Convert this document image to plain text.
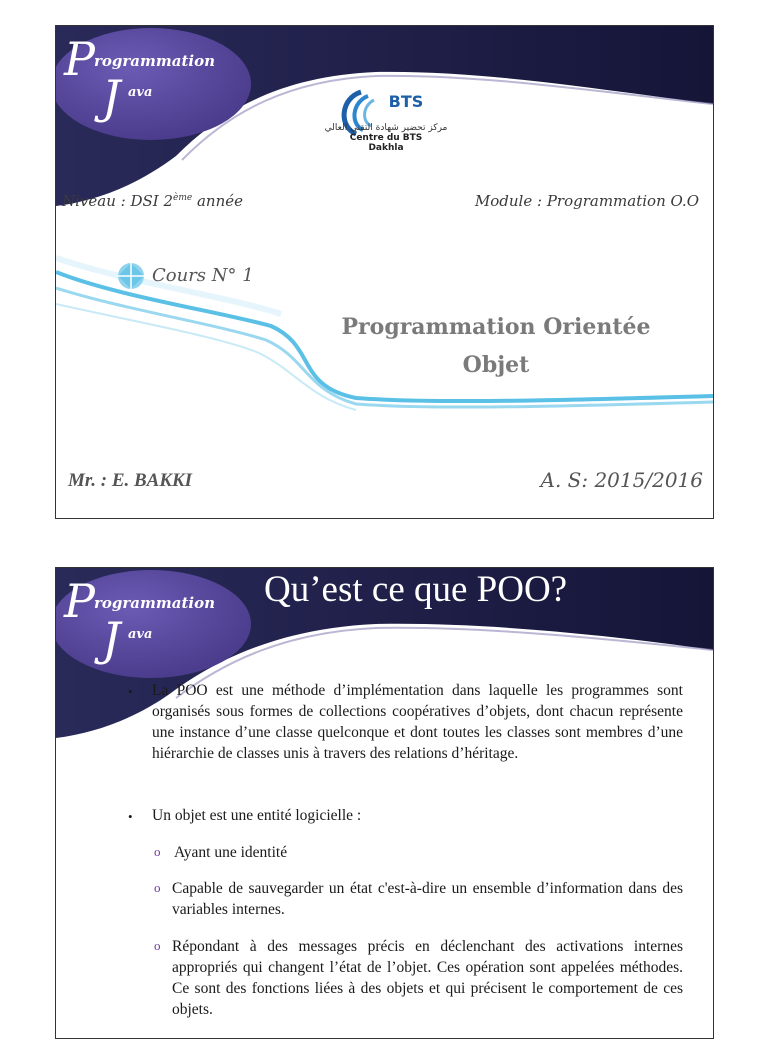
P rogrammation
J ava	BTS
مركز تحضير شهادة التقني العالي
Centre du BTS
Dakhla
Niveau : DSI 2ème année	Module : Programmation O.O
Cours N° 1
Programmation Orientée
Objet
Mr. : E. BAKKI	A. S: 2015/2016
P rogrammation
J ava
Qu’est ce que POO?
• La POO est une méthode d’implémentation dans laquelle les programmes sont organisés sous formes de collections coopératives d’objets, dont chacun représente une instance d’une classe quelconque et dont toutes les classes sont membres d’une hiérarchie de classes unis à travers des relations d’héritage.
• Un objet est une entité logicielle :
o Ayant une identité
o Capable de sauvegarder un état c'est-à-dire un ensemble d’information dans des variables internes.
o Répondant à des messages précis en déclenchant des activations internes appropriés qui changent l’état de l’objet. Ces opération sont appelées méthodes. Ce sont des fonctions liées à des objets et qui précisent le comportement de ces objets.
